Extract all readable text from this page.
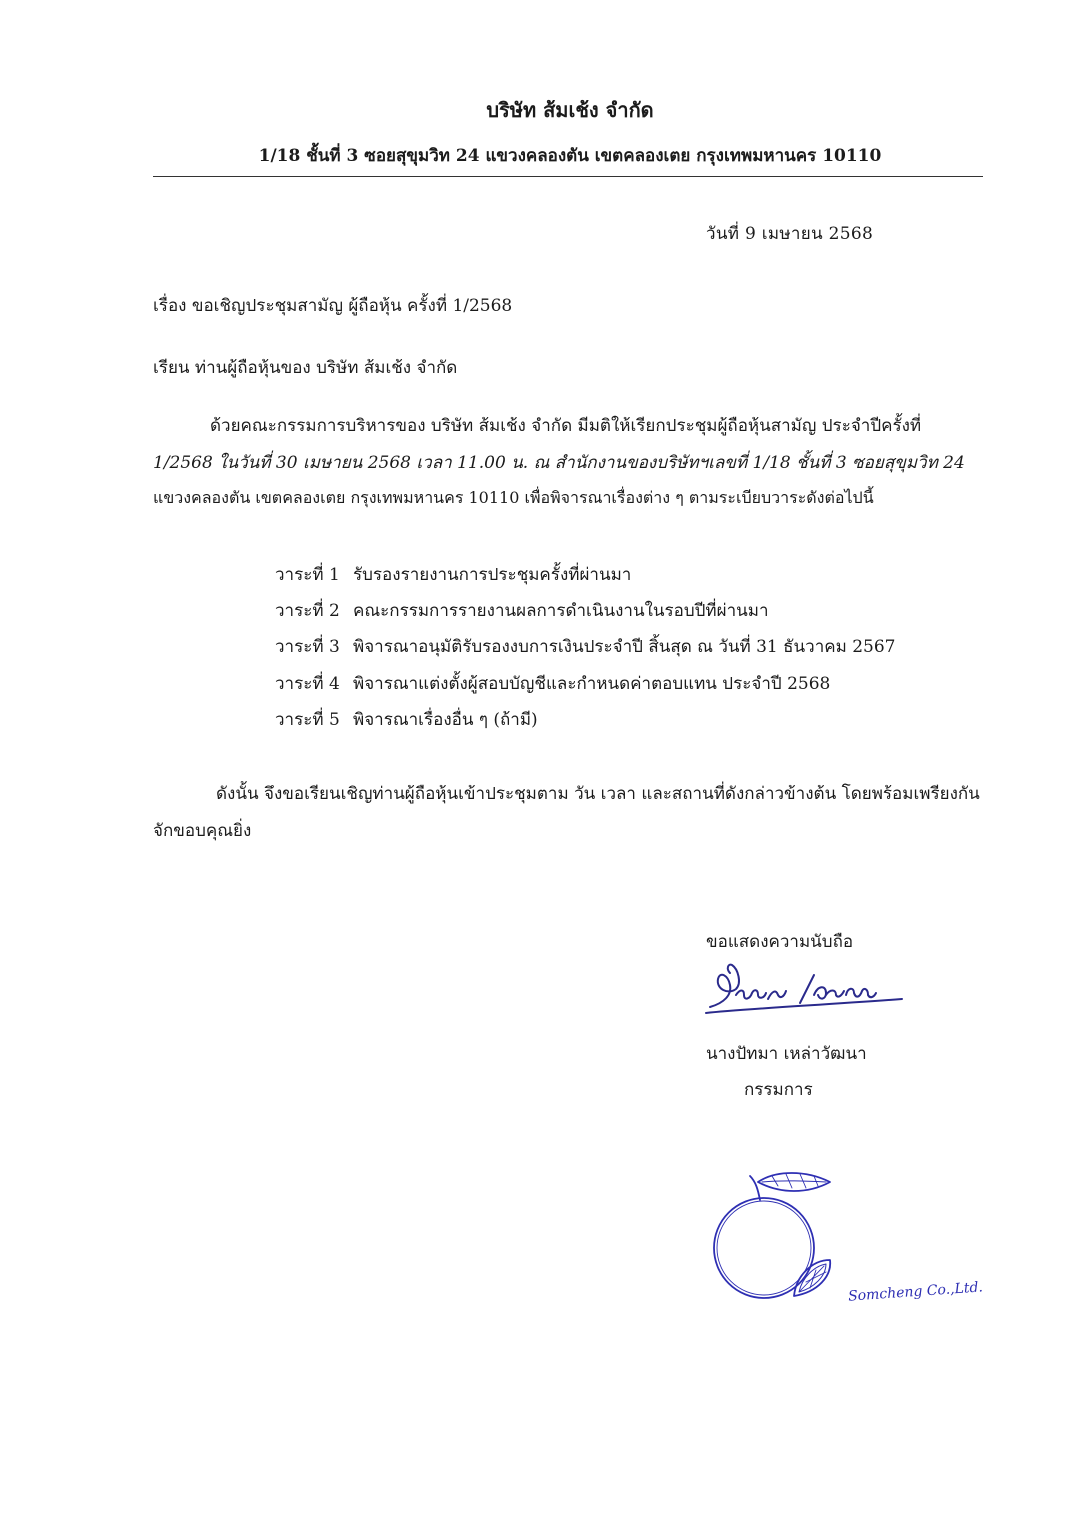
บริษัท ส้มเช้ง จำกัด
1/18 ชั้นที่ 3 ซอยสุขุมวิท 24 แขวงคลองตัน เขตคลองเตย กรุงเทพมหานคร 10110
วันที่ 9 เมษายน 2568
เรื่อง ขอเชิญประชุมสามัญ ผู้ถือหุ้น ครั้งที่ 1/2568
เรียน ท่านผู้ถือหุ้นของ บริษัท ส้มเช้ง จำกัด
ด้วยคณะกรรมการบริหารของ บริษัท ส้มเช้ง จำกัด มีมติให้เรียกประชุมผู้ถือหุ้นสามัญ ประจำปีครั้งที่
1/2568 ในวันที่ 30 เมษายน 2568 เวลา 11.00 น. ณ สำนักงานของบริษัทฯเลขที่ 1/18 ชั้นที่ 3 ซอยสุขุมวิท 24
แขวงคลองตัน เขตคลองเตย กรุงเทพมหานคร 10110 เพื่อพิจารณาเรื่องต่าง ๆ ตามระเบียบวาระดังต่อไปนี้
วาระที่ 1 รับรองรายงานการประชุมครั้งที่ผ่านมา
วาระที่ 2 คณะกรรมการรายงานผลการดำเนินงานในรอบปีที่ผ่านมา
วาระที่ 3 พิจารณาอนุมัติรับรองงบการเงินประจำปี สิ้นสุด ณ วันที่ 31 ธันวาคม 2567
วาระที่ 4 พิจารณาแต่งตั้งผู้สอบบัญชีและกำหนดค่าตอบแทน ประจำปี 2568
วาระที่ 5 พิจารณาเรื่องอื่น ๆ (ถ้ามี)
ดังนั้น จึงขอเรียนเชิญท่านผู้ถือหุ้นเข้าประชุมตาม วัน เวลา และสถานที่ดังกล่าวข้างต้น โดยพร้อมเพรียงกัน
จักขอบคุณยิ่ง
ขอแสดงความนับถือ
นางปัทมา เหล่าวัฒนา
กรรมการ
Somcheng Co.,Ltd.
